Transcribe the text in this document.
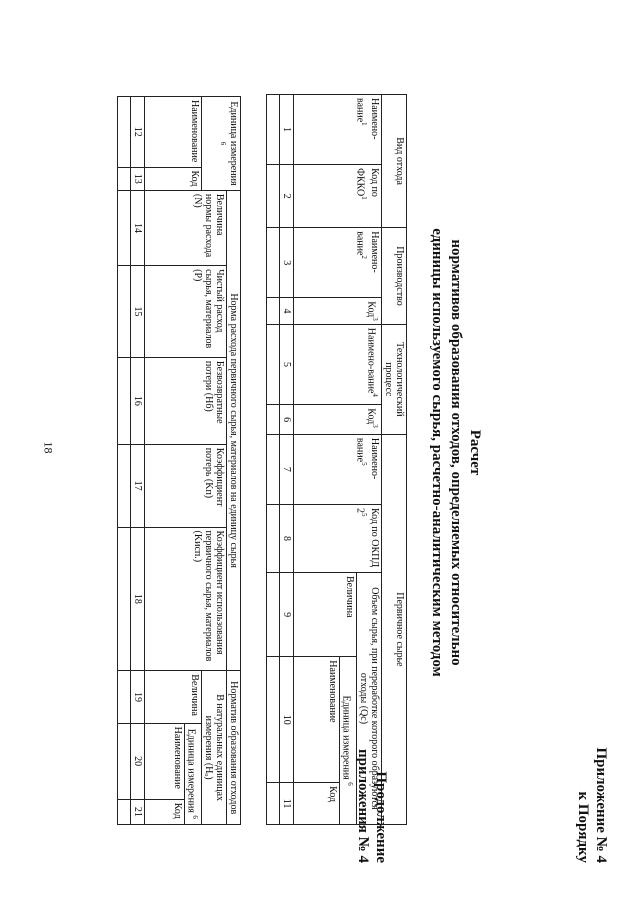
18
Приложение № 4
к Порядку
Расчет
нормативов образования отходов, определяемых относительно
единицы используемого сырья, расчетно-аналитическим методом
Вид отхода		Производство		Технологический процесс		Первичное сырье				
Наимено-вание$^1$	Код по ФККО$^1$	Наимено-вание$^2$	Код$^3$	Наимено-вание$^4$	Код$^3$	Наимено-вание$^5$	Код по ОКПД $2^5$	Объем сырья, при переработке которого образуются отходы (Qс)		
								Величина	Единица измерения $^6$
									Наименование	Код
1	2	3	4	5	6	7	8	9	10	11
											Продолжение
приложения № 4
Единица измерения $^6$		Норма расхода первичного сырья, материалов на единицу сырья					Норматив образования отходов		
		Величина нормы расхода (N)	Чистый расход сырья, материалов (P)	Безвозвратные потери (Hб)	Коэффициент потерь (Kп)	Коэффициент использования первичного сырья, материалов (Kисп.)	В натуральных единицах измерения (Hₒ)		
Наименование	Код						Величина	Единица измерения $^6$
								Наименование	Код
12	13	14	15	16	17	18	19	20	21
